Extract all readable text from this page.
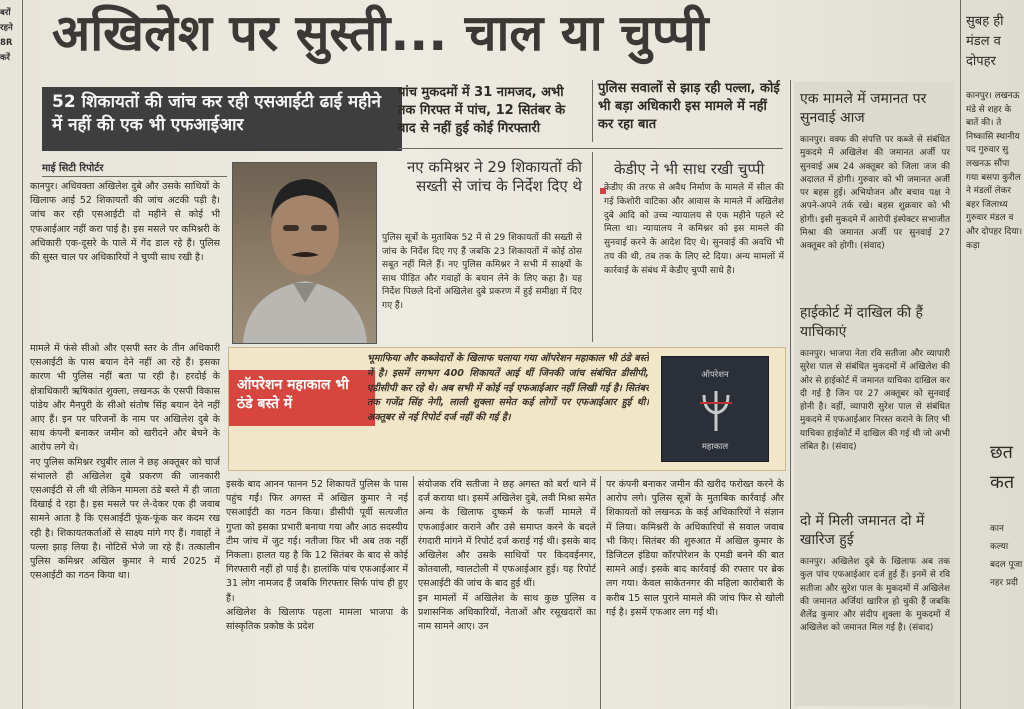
बरों
रहने
8R
करें अखिलेश पर सुस्ती... चाल या चुप्पी
52 शिकायतों की जांच कर रही एसआईटी ढाई महीने में नहीं की एक भी एफआईआर
माई सिटी रिपोर्टर
कानपुर। अधिवक्ता अखिलेश दुबे और उसके साथियों के खिलाफ आई 52 शिकायतों की जांच अटकी पड़ी है। जांच कर रही एसआईटी दो महीने से कोई भी एफआईआर नहीं करा पाई है। इस मसले पर कमिश्नरी के अधिकारी एक-दूसरे के पाले में गेंद डाल रहे हैं। पुलिस की सुस्त चाल पर अधिकारियों ने चुप्पी साध रखी है।
मामले में फंसे सीओ और एसपी स्तर के तीन अधिकारी एसआईटी के पास बयान देने नहीं आ रहे हैं। इसका कारण भी पुलिस नहीं बता पा रही है। हरदोई के क्षेत्राधिकारी ऋषिकांत शुक्ला, लखनऊ के एसपी विकास पांडेय और मैनपुरी के सीओ संतोष सिंह बयान देने नहीं आए हैं। इन पर परिजनों के नाम पर अखिलेश दुबे के साथ कंपनी बनाकर जमीन को खरीदने और बेचने के आरोप लगे थे।
नए पुलिस कमिश्नर रघुबीर लाल ने छह अक्तूबर को चार्ज संभालते ही अखिलेश दुबे प्रकरण की जानकारी एसआईटी से ली थी लेकिन मामला ठंडे बस्ते में ही जाता दिखाई दे रहा है। इस मसले पर ले-देकर एक ही जवाब सामने आता है कि एसआईटी फूंक-फूंक कर कदम रख रही है। शिकायतकर्ताओं से साक्ष्य मांगे गए हैं। गवाहों ने पल्ला झाड़ लिया है। नोटिसें भेजे जा रहे हैं। तत्कालीन पुलिस कमिश्नर अखिल कुमार ने मार्च 2025 में एसआईटी का गठन किया था।
पांच मुकदमों में 31 नामजद, अभी तक गिरफ्त में पांच, 12 सितंबर के बाद से नहीं हुई कोई गिरफ्तारी
पुलिस सवालों से झाड़ रही पल्ला, कोई भी बड़ा अधिकारी इस मामले में नहीं कर रहा बात
नए कमिश्नर ने 29 शिकायतों की सख्ती से जांच के निर्देश दिए थे
पुलिस सूत्रों के मुताबिक 52 में से 29 शिकायतों की सख्ती से जांच के निर्देश दिए गए हैं जबकि 23 शिकायतों में कोई ठोस सबूत नहीं मिले हैं। नए पुलिस कमिश्नर ने सभी में साक्ष्यों के साथ पीड़ित और गवाहों के बयान लेने के लिए कहा है। यह निर्देश पिछले दिनों अखिलेश दुबे प्रकरण में हुई समीक्षा में दिए गए हैं।
केडीए ने भी साध रखी चुप्पी
केडीए की तरफ से अवैध निर्माण के मामले में सील की गई किशोरी वाटिका और आवास के मामले में अखिलेश दुबे आदि को उच्च न्यायालय से एक महीने पहले स्टे मिला था। न्यायालय ने कमिश्नर को इस मामले की सुनवाई करने के आदेश दिए थे। सुनवाई की अवधि भी तय की थी, तब तक के लिए स्टे दिया। अन्य मामलों में कार्रवाई के संबंध में केडीए चुप्पी साधे है।
ऑपरेशन महाकाल भी ठंडे बस्ते में
भूमाफिया और कब्जेदारों के खिलाफ चलाया गया ऑपरेशन महाकाल भी ठंडे बस्ते में है। इसमें लगभग 400 शिकायतें आई थीं जिनकी जांच संबंधित डीसीपी, एडीसीपी कर रहे थे। अब सभी में कोई नई एफआईआर नहीं लिखी गई है। सितंबर तक गजेंद्र सिंह नेगी, लाली शुक्ला समेत कई लोगों पर एफआईआर हुई थी। अक्तूबर से नई रिपोर्ट दर्ज नहीं की गई है।
ऑपरेशन
महाकाल
इसके बाद आनन फानन 52 शिकायतें पुलिस के पास पहुंच गईं। फिर अगस्त में अखिल कुमार ने नई एसआईटी का गठन किया। डीसीपी पूर्वी सत्यजीत गुप्ता को इसका प्रभारी बनाया गया और आठ सदस्यीय टीम जांच में जुट गई। नतीजा फिर भी अब तक नहीं निकला। हालत यह है कि 12 सितंबर के बाद से कोई गिरफ्तारी नहीं हो पाई है। हालांकि पांच एफआईआर में 31 लोग नामजद हैं जबकि गिरफ्तार सिर्फ पांच ही हुए हैं।
अखिलेश के खिलाफ पहला मामला भाजपा के सांस्कृतिक प्रकोष्ठ के प्रदेश
संयोजक रवि सतीजा ने छह अगस्त को बर्रा थाने में दर्ज कराया था। इसमें अखिलेश दुबे, लवी मिश्रा समेत अन्य के खिलाफ दुष्कर्म के फर्जी मामले में एफआईआर कराने और उसे समाप्त करने के बदले रंगदारी मांगने में रिपोर्ट दर्ज कराई गई थी। इसके बाद अखिलेश और उसके साथियों पर किदवईनगर, कोतवाली, ग्वालटोली में एफआईआर हुई। यह रिपोर्ट एसआईटी की जांच के बाद हुई थीं।
इन मामलों में अखिलेश के साथ कुछ पुलिस व प्रशासनिक अधिकारियों, नेताओं और रसूखदारों का नाम सामने आए। उन
पर कंपनी बनाकर जमीन की खरीद फरोख्त करने के आरोप लगे। पुलिस सूत्रों के मुताबिक कार्रवाई और शिकायतों को लखनऊ के कई अधिकारियों ने संज्ञान में लिया। कमिश्नरी के अधिकारियों से सवाल जवाब भी किए। सितंबर की शुरुआत में अखिल कुमार के डिजिटल इंडिया कॉरपोरेशन के एमडी बनने की बात सामने आई। इसके बाद कार्रवाई की रफ्तार पर ब्रेक लग गया। केवल साकेतनगर की महिला कारोबारी के करीब 15 साल पुराने मामले की जांच फिर से खोली गई है। इसमें एफआर लग गई थी।
एक मामले में जमानत पर सुनवाई आज
कानपुर। वक्फ की संपत्ति पर कब्जे से संबंधित मुकदमे में अखिलेश की जमानत अर्जी पर सुनवाई अब 24 अक्तूबर को जिला जज की अदालत में होगी। गुरुवार को भी जमानत अर्जी पर बहस हुई। अभियोजन और बचाव पक्ष ने अपने-अपने तर्क रखे। बहस शुक्रवार को भी होगी। इसी मुकदमे में आरोपी इंस्पेक्टर सभाजीत मिश्रा की जमानत अर्जी पर सुनवाई 27 अक्तूबर को होगी। (संवाद)
हाईकोर्ट में दाखिल की हैं याचिकाएं
कानपुर। भाजपा नेता रवि सतीजा और व्यापारी सुरेश पाल से संबंधित मुकदमों में अखिलेश की ओर से हाईकोर्ट में जमानत याचिका दाखिल कर दी गई है जिन पर 27 अक्तूबर को सुनवाई होनी है। वहीं, व्यापारी सुरेश पाल से संबंधित मुकदमे में एफआईआर निरस्त कराने के लिए भी याचिका हाईकोर्ट में दाखिल की गई थी जो अभी लंबित है। (संवाद)
दो में मिली जमानत दो में खारिज हुई
कानपुर। अखिलेश दुबे के खिलाफ अब तक कुल पांच एफआईआर दर्ज हुई हैं। इनमें से रवि सतीजा और सुरेश पाल के मुकदमों में अखिलेश की जमानत अर्जियां खारिज हो चुकी हैं जबकि शैलेंद्र कुमार और संदीप शुक्ला के मुकदमों में अखिलेश को जमानत मिल गई है। (संवाद)
सुबह ही मंडल व दोपहर
कानपुर। लखनऊ मंडे से शहर के बातें की। ते निष्कासि स्थानीय पद गुरुवार सु लखनऊ सौंपा गया बसपा कुरील ने मंडलों लेकर बहर जिलाध्य गुरुवार मंडल व और दोपहर दिया। कड़ा
छत कत
कान कल्या बदल पूजा नहर प्रदी
